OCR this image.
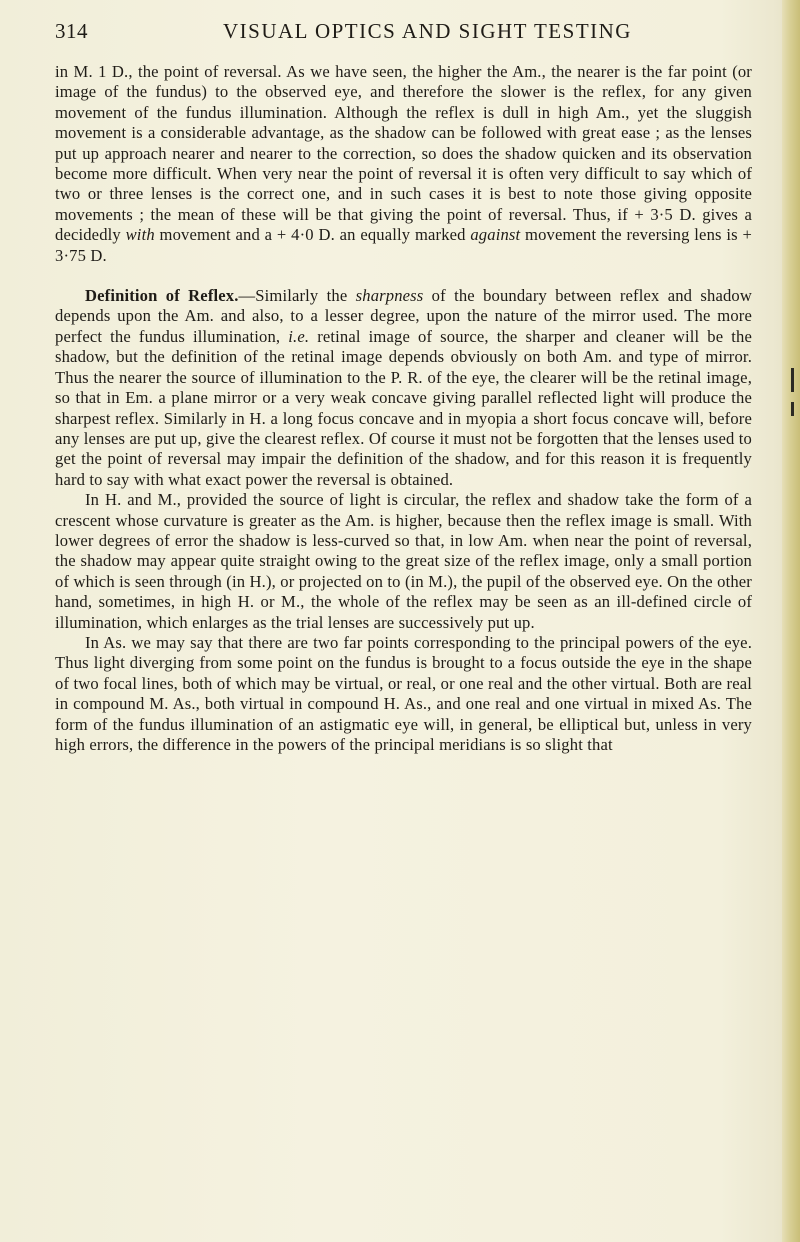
314	VISUAL OPTICS AND SIGHT TESTING

in M. 1 D., the point of reversal. As we have seen, the higher the Am., the nearer is the far point (or image of the fundus) to the observed eye, and therefore the slower is the reflex, for any given movement of the fundus illumination. Although the reflex is dull in high Am., yet the sluggish movement is a considerable advantage, as the shadow can be followed with great ease ; as the lenses put up approach nearer and nearer to the correction, so does the shadow quicken and its observation become more difficult. When very near the point of reversal it is often very difficult to say which of two or three lenses is the correct one, and in such cases it is best to note those giving opposite movements ; the mean of these will be that giving the point of reversal. Thus, if + 3·5 D. gives a decidedly with movement and a + 4·0 D. an equally marked against movement the reversing lens is + 3·75 D.

Definition of Reflex.—Similarly the sharpness of the boundary between reflex and shadow depends upon the Am. and also, to a lesser degree, upon the nature of the mirror used. The more perfect the fundus illumination, i.e. retinal image of source, the sharper and cleaner will be the shadow, but the definition of the retinal image depends obviously on both Am. and type of mirror. Thus the nearer the source of illumination to the P. R. of the eye, the clearer will be the retinal image, so that in Em. a plane mirror or a very weak concave giving parallel reflected light will produce the sharpest reflex. Similarly in H. a long focus concave and in myopia a short focus concave will, before any lenses are put up, give the clearest reflex. Of course it must not be forgotten that the lenses used to get the point of reversal may impair the definition of the shadow, and for this reason it is frequently hard to say with what exact power the reversal is obtained.

In H. and M., provided the source of light is circular, the reflex and shadow take the form of a crescent whose curvature is greater as the Am. is higher, because then the reflex image is small. With lower degrees of error the shadow is less-curved so that, in low Am. when near the point of reversal, the shadow may appear quite straight owing to the great size of the reflex image, only a small portion of which is seen through (in H.), or projected on to (in M.), the pupil of the observed eye. On the other hand, sometimes, in high H. or M., the whole of the reflex may be seen as an ill-defined circle of illumination, which enlarges as the trial lenses are successively put up.

In As. we may say that there are two far points corresponding to the principal powers of the eye. Thus light diverging from some point on the fundus is brought to a focus outside the eye in the shape of two focal lines, both of which may be virtual, or real, or one real and the other virtual. Both are real in compound M. As., both virtual in compound H. As., and one real and one virtual in mixed As. The form of the fundus illumination of an astigmatic eye will, in general, be elliptical but, unless in very high errors, the difference in the powers of the principal meridians is so slight that
